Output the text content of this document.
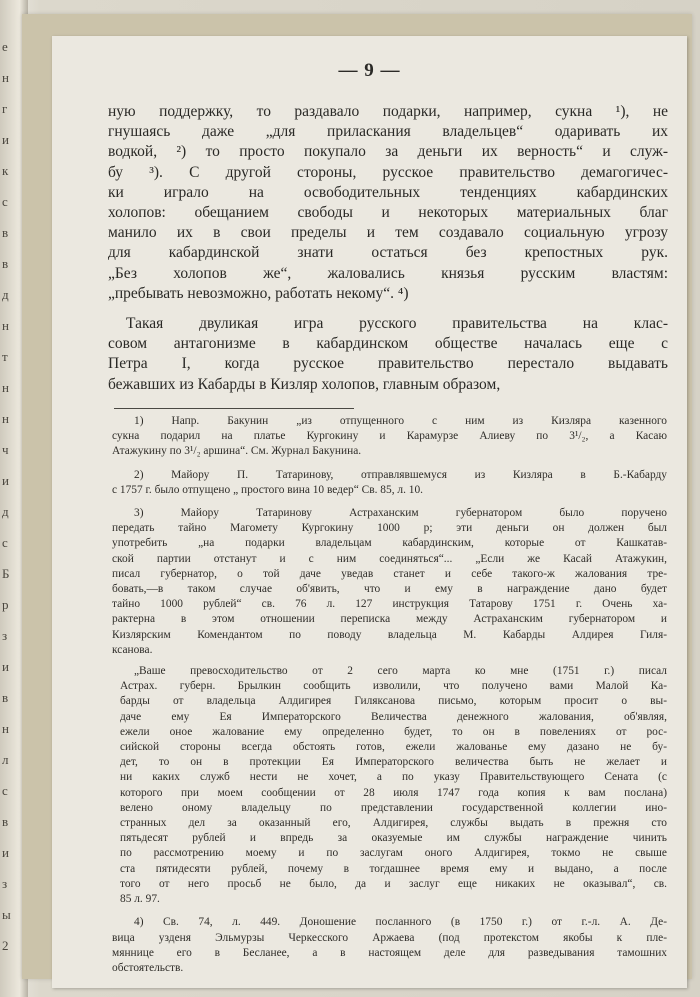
е
н
г
и
к
с
в
в
д
н
т
н
н
ч
и
д
с
Б
р
з
и
в
н
л
с
в
и
з
ы
2
— 9 —
ную поддержку, то раздавало подарки, например, сукна ¹), не
гнушаясь даже „для приласкания владельцев“ одаривать их
водкой, ²) то просто покупало за деньги их верность“ и служ-
бу ³). С другой стороны, русское правительство демагогичес-
ки играло на освободительных тенденциях кабардинских
холопов: обещанием свободы и некоторых материальных благ
манило их в свои пределы и тем создавало социальную угрозу
для кабардинской знати остаться без крепостных рук.
„Без холопов же“, жаловались князья русским властям:
„пребывать невозможно, работать некому“. ⁴)
Такая двуликая игра русского правительства на клас-
совом антагонизме в кабардинском обществе началась еще с
Петра I, когда русское правительство перестало выдавать
бежавших из Кабарды в Кизляр холопов, главным образом,
1) Напр. Бакунин „из отпущенного с ним из Кизляра казенного
сукна подарил на платье Кургокину и Карамурзе Алиеву по 3¹/₂, а Касаю
Атажукину по 3¹/₂ аршина“. См. Журнал Бакунина.
2) Майору П. Татаринову, отправлявшемуся из Кизляра в Б.-Кабарду
с 1757 г. было отпущено „ простого вина 10 ведер“ Св. 85, л. 10.
3) Майору Татаринову Астраханским губернатором было поручено
передать тайно Магомету Кургокину 1000 р; эти деньги он должен был
употребить „на подарки владельцам кабардинским, которые от Кашкатав-
ской партии отстанут и с ним соединяться“... „Если же Касай Атажукин,
писал губернатор, о той даче уведав станет и себе такого-ж жалования тре-
бовать,—в таком случае об'явить, что и ему в награждение дано будет
тайно 1000 рублей“ св. 76 л. 127 инструкция Татарову 1751 г. Очень ха-
рактерна в этом отношении переписка между Астраханским губернатором и
Кизлярским Комендантом по поводу владельца М. Кабарды Алдирея Гиля-
ксанова.
„Ваше превосходительство от 2 сего марта ко мне (1751 г.) писал
Астрах. губерн. Брылкин сообщить изволили, что получено вами Малой Ка-
барды от владельца Алдигирея Гиляксанова письмо, которым просит о вы-
даче ему Ея Императорского Величества денежного жалования, об'являя,
ежели оное жалование ему определенно будет, то он в повелениях от рос-
сийской стороны всегда обстоять готов, ежели жалованье ему дазано не бу-
дет, то он в протекции Ея Императорского величества быть не желает и
ни каких служб нести не хочет, а по указу Правительствующего Сената (с
которого при моем сообщении от 28 июля 1747 года копия к вам послана)
велено оному владельцу по представлении государственной коллегии ино-
странных дел за оказанный его, Алдигирея, службы выдать в прежня сто
пятьдесят рублей и впредь за оказуемые им службы награждение чинить
по рассмотрению моему и по заслугам оного Алдигирея, токмо не свыше
ста пятидесяти рублей, почему в тогдашнее время ему и выдано, а после
того от него просьб не было, да и заслуг еще никаких не оказывал“, св.
85 л. 97.
4) Св. 74, л. 449. Доношение посланного (в 1750 г.) от г.-л. А. Де-
вица узденя Эльмурзы Черкесского Аржаева (под протекстом якобы к пле-
мяннице его в Бесланее, а в настоящем деле для разведывания тамошних
обстоятельств.
